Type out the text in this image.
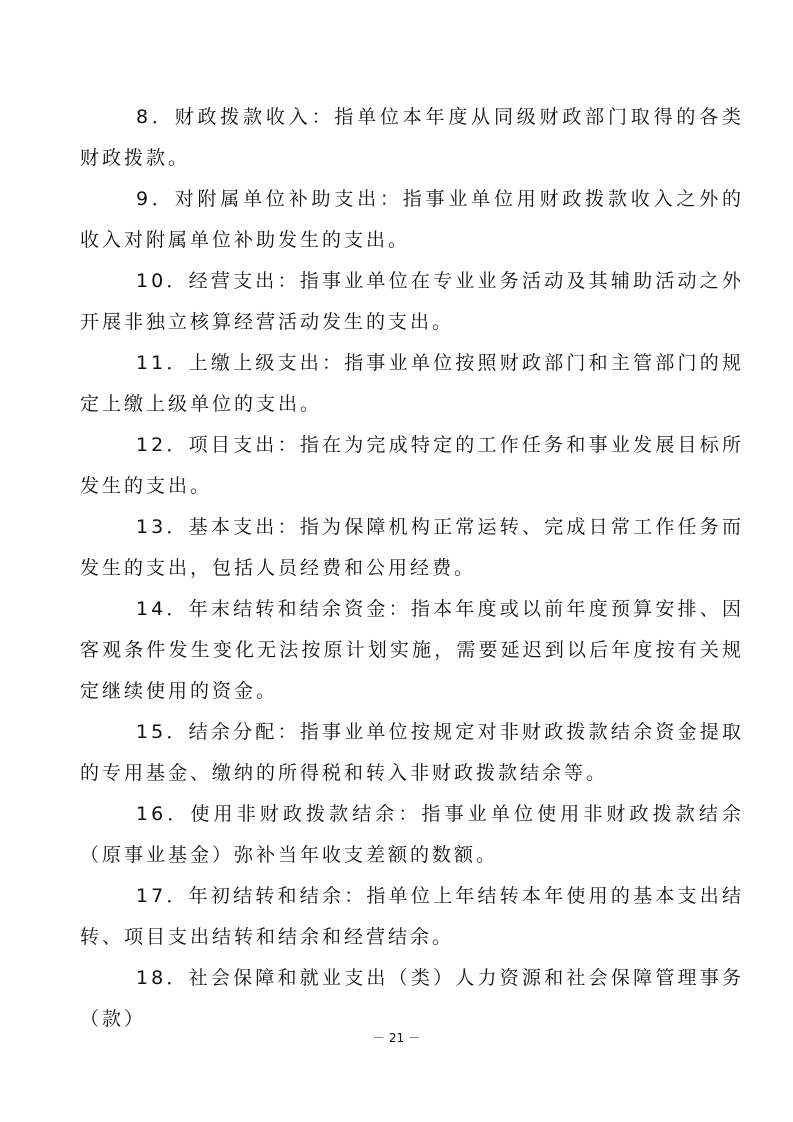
8．财政拨款收入：指单位本年度从同级财政部门取得的各类财政拨款。

9．对附属单位补助支出：指事业单位用财政拨款收入之外的收入对附属单位补助发生的支出。

10．经营支出：指事业单位在专业业务活动及其辅助活动之外开展非独立核算经营活动发生的支出。

11．上缴上级支出：指事业单位按照财政部门和主管部门的规定上缴上级单位的支出。

12．项目支出：指在为完成特定的工作任务和事业发展目标所发生的支出。

13．基本支出：指为保障机构正常运转、完成日常工作任务而发生的支出，包括人员经费和公用经费。

14．年末结转和结余资金：指本年度或以前年度预算安排、因客观条件发生变化无法按原计划实施，需要延迟到以后年度按有关规定继续使用的资金。

15．结余分配：指事业单位按规定对非财政拨款结余资金提取的专用基金、缴纳的所得税和转入非财政拨款结余等。

16．使用非财政拨款结余：指事业单位使用非财政拨款结余（原事业基金）弥补当年收支差额的数额。

17．年初结转和结余：指单位上年结转本年使用的基本支出结转、项目支出结转和结余和经营结余。

18．社会保障和就业支出（类）人力资源和社会保障管理事务（款）

－ 21 －
